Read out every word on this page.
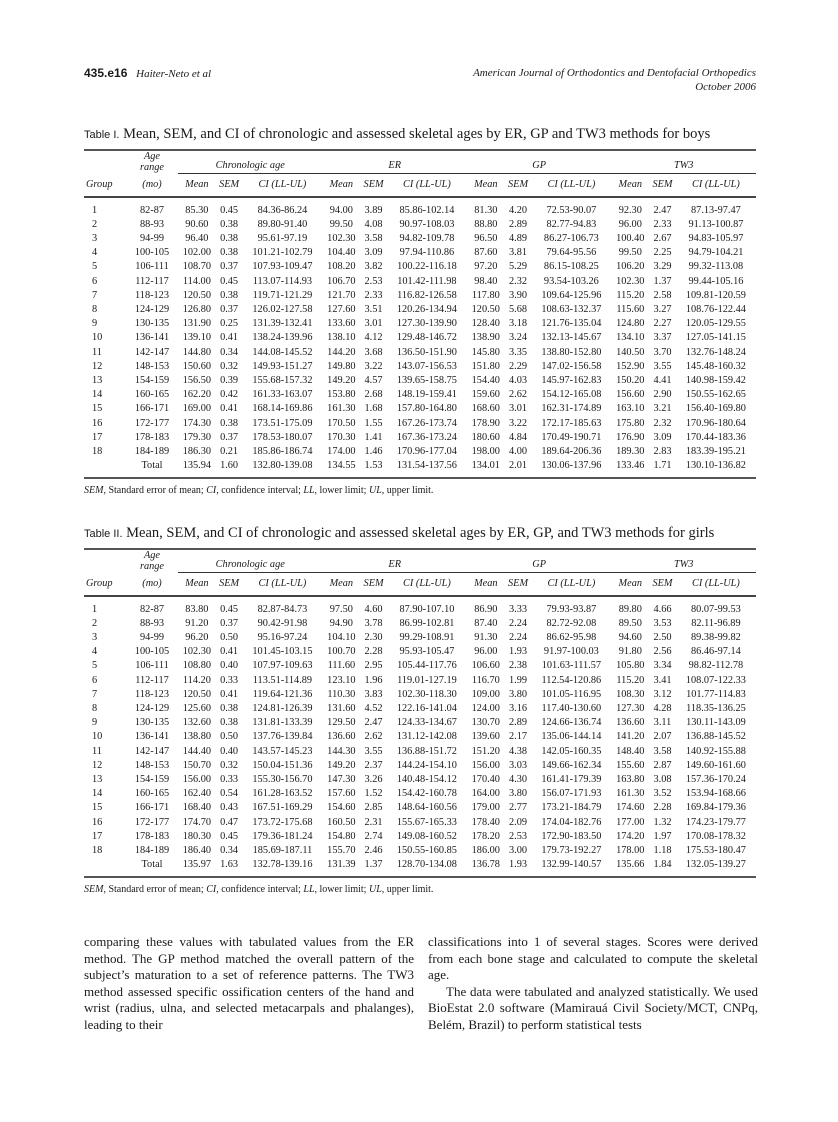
435.e16 Haiter-Neto et al	American Journal of Orthodontics and Dentofacial Orthopedics
October 2006
Table I. Mean, SEM, and CI of chronologic and assessed skeletal ages by ER, GP and TW3 methods for boys
	Age
range	Chronologic age			ER			GP			TW3		
Group	(mo)	Mean	SEM	CI (LL-UL)	Mean	SEM	CI (LL-UL)	Mean	SEM	CI (LL-UL)	Mean	SEM	CI (LL-UL)
1	82-87	85.30	0.45	84.36-86.24	94.00	3.89	85.86-102.14	81.30	4.20	72.53-90.07	92.30	2.47	87.13-97.47
2	88-93	90.60	0.38	89.80-91.40	99.50	4.08	90.97-108.03	88.80	2.89	82.77-94.83	96.00	2.33	91.13-100.87
3	94-99	96.40	0.38	95.61-97.19	102.30	3.58	94.82-109.78	96.50	4.89	86.27-106.73	100.40	2.67	94.83-105.97
4	100-105	102.00	0.38	101.21-102.79	104.40	3.09	97.94-110.86	87.60	3.81	79.64-95.56	99.50	2.25	94.79-104.21
5	106-111	108.70	0.37	107.93-109.47	108.20	3.82	100.22-116.18	97.20	5.29	86.15-108.25	106.20	3.29	99.32-113.08
6	112-117	114.00	0.45	113.07-114.93	106.70	2.53	101.42-111.98	98.40	2.32	93.54-103.26	102.30	1.37	99.44-105.16
7	118-123	120.50	0.38	119.71-121.29	121.70	2.33	116.82-126.58	117.80	3.90	109.64-125.96	115.20	2.58	109.81-120.59
8	124-129	126.80	0.37	126.02-127.58	127.60	3.51	120.26-134.94	120.50	5.68	108.63-132.37	115.60	3.27	108.76-122.44
9	130-135	131.90	0.25	131.39-132.41	133.60	3.01	127.30-139.90	128.40	3.18	121.76-135.04	124.80	2.27	120.05-129.55
10	136-141	139.10	0.41	138.24-139.96	138.10	4.12	129.48-146.72	138.90	3.24	132.13-145.67	134.10	3.37	127.05-141.15
11	142-147	144.80	0.34	144.08-145.52	144.20	3.68	136.50-151.90	145.80	3.35	138.80-152.80	140.50	3.70	132.76-148.24
12	148-153	150.60	0.32	149.93-151.27	149.80	3.22	143.07-156.53	151.80	2.29	147.02-156.58	152.90	3.55	145.48-160.32
13	154-159	156.50	0.39	155.68-157.32	149.20	4.57	139.65-158.75	154.40	4.03	145.97-162.83	150.20	4.41	140.98-159.42
14	160-165	162.20	0.42	161.33-163.07	153.80	2.68	148.19-159.41	159.60	2.62	154.12-165.08	156.60	2.90	150.55-162.65
15	166-171	169.00	0.41	168.14-169.86	161.30	1.68	157.80-164.80	168.60	3.01	162.31-174.89	163.10	3.21	156.40-169.80
16	172-177	174.30	0.38	173.51-175.09	170.50	1.55	167.26-173.74	178.90	3.22	172.17-185.63	175.80	2.32	170.96-180.64
17	178-183	179.30	0.37	178.53-180.07	170.30	1.41	167.36-173.24	180.60	4.84	170.49-190.71	176.90	3.09	170.44-183.36
18	184-189	186.30	0.21	185.86-186.74	174.00	1.46	170.96-177.04	198.00	4.00	189.64-206.36	189.30	2.83	183.39-195.21
	Total	135.94	1.60	132.80-139.08	134.55	1.53	131.54-137.56	134.01	2.01	130.06-137.96	133.46	1.71	130.10-136.82
SEM, Standard error of mean; CI, confidence interval; LL, lower limit; UL, upper limit.
Table II. Mean, SEM, and CI of chronologic and assessed skeletal ages by ER, GP, and TW3 methods for girls
	Age
range	Chronologic age			ER			GP			TW3		
Group	(mo)	Mean	SEM	CI (LL-UL)	Mean	SEM	CI (LL-UL)	Mean	SEM	CI (LL-UL)	Mean	SEM	CI (LL-UL)
1	82-87	83.80	0.45	82.87-84.73	97.50	4.60	87.90-107.10	86.90	3.33	79.93-93.87	89.80	4.66	80.07-99.53
2	88-93	91.20	0.37	90.42-91.98	94.90	3.78	86.99-102.81	87.40	2.24	82.72-92.08	89.50	3.53	82.11-96.89
3	94-99	96.20	0.50	95.16-97.24	104.10	2.30	99.29-108.91	91.30	2.24	86.62-95.98	94.60	2.50	89.38-99.82
4	100-105	102.30	0.41	101.45-103.15	100.70	2.28	95.93-105.47	96.00	1.93	91.97-100.03	91.80	2.56	86.46-97.14
5	106-111	108.80	0.40	107.97-109.63	111.60	2.95	105.44-117.76	106.60	2.38	101.63-111.57	105.80	3.34	98.82-112.78
6	112-117	114.20	0.33	113.51-114.89	123.10	1.96	119.01-127.19	116.70	1.99	112.54-120.86	115.20	3.41	108.07-122.33
7	118-123	120.50	0.41	119.64-121.36	110.30	3.83	102.30-118.30	109.00	3.80	101.05-116.95	108.30	3.12	101.77-114.83
8	124-129	125.60	0.38	124.81-126.39	131.60	4.52	122.16-141.04	124.00	3.16	117.40-130.60	127.30	4.28	118.35-136.25
9	130-135	132.60	0.38	131.81-133.39	129.50	2.47	124.33-134.67	130.70	2.89	124.66-136.74	136.60	3.11	130.11-143.09
10	136-141	138.80	0.50	137.76-139.84	136.60	2.62	131.12-142.08	139.60	2.17	135.06-144.14	141.20	2.07	136.88-145.52
11	142-147	144.40	0.40	143.57-145.23	144.30	3.55	136.88-151.72	151.20	4.38	142.05-160.35	148.40	3.58	140.92-155.88
12	148-153	150.70	0.32	150.04-151.36	149.20	2.37	144.24-154.10	156.00	3.03	149.66-162.34	155.60	2.87	149.60-161.60
13	154-159	156.00	0.33	155.30-156.70	147.30	3.26	140.48-154.12	170.40	4.30	161.41-179.39	163.80	3.08	157.36-170.24
14	160-165	162.40	0.54	161.28-163.52	157.60	1.52	154.42-160.78	164.00	3.80	156.07-171.93	161.30	3.52	153.94-168.66
15	166-171	168.40	0.43	167.51-169.29	154.60	2.85	148.64-160.56	179.00	2.77	173.21-184.79	174.60	2.28	169.84-179.36
16	172-177	174.70	0.47	173.72-175.68	160.50	2.31	155.67-165.33	178.40	2.09	174.04-182.76	177.00	1.32	174.23-179.77
17	178-183	180.30	0.45	179.36-181.24	154.80	2.74	149.08-160.52	178.20	2.53	172.90-183.50	174.20	1.97	170.08-178.32
18	184-189	186.40	0.34	185.69-187.11	155.70	2.46	150.55-160.85	186.00	3.00	179.73-192.27	178.00	1.18	175.53-180.47
	Total	135.97	1.63	132.78-139.16	131.39	1.37	128.70-134.08	136.78	1.93	132.99-140.57	135.66	1.84	132.05-139.27
SEM, Standard error of mean; CI, confidence interval; LL, lower limit; UL, upper limit.

comparing these values with tabulated values from the ER method. The GP method matched the overall pattern of the subject’s maturation to a set of reference patterns. The TW3 method assessed specific ossification centers of the hand and wrist (radius, ulna, and selected metacarpals and phalanges), leading to their

classifications into 1 of several stages. Scores were derived from each bone stage and calculated to compute the skeletal age.

The data were tabulated and analyzed statistically. We used BioEstat 2.0 software (Mamirauá Civil Society/MCT, CNPq, Belém, Brazil) to perform statistical tests
